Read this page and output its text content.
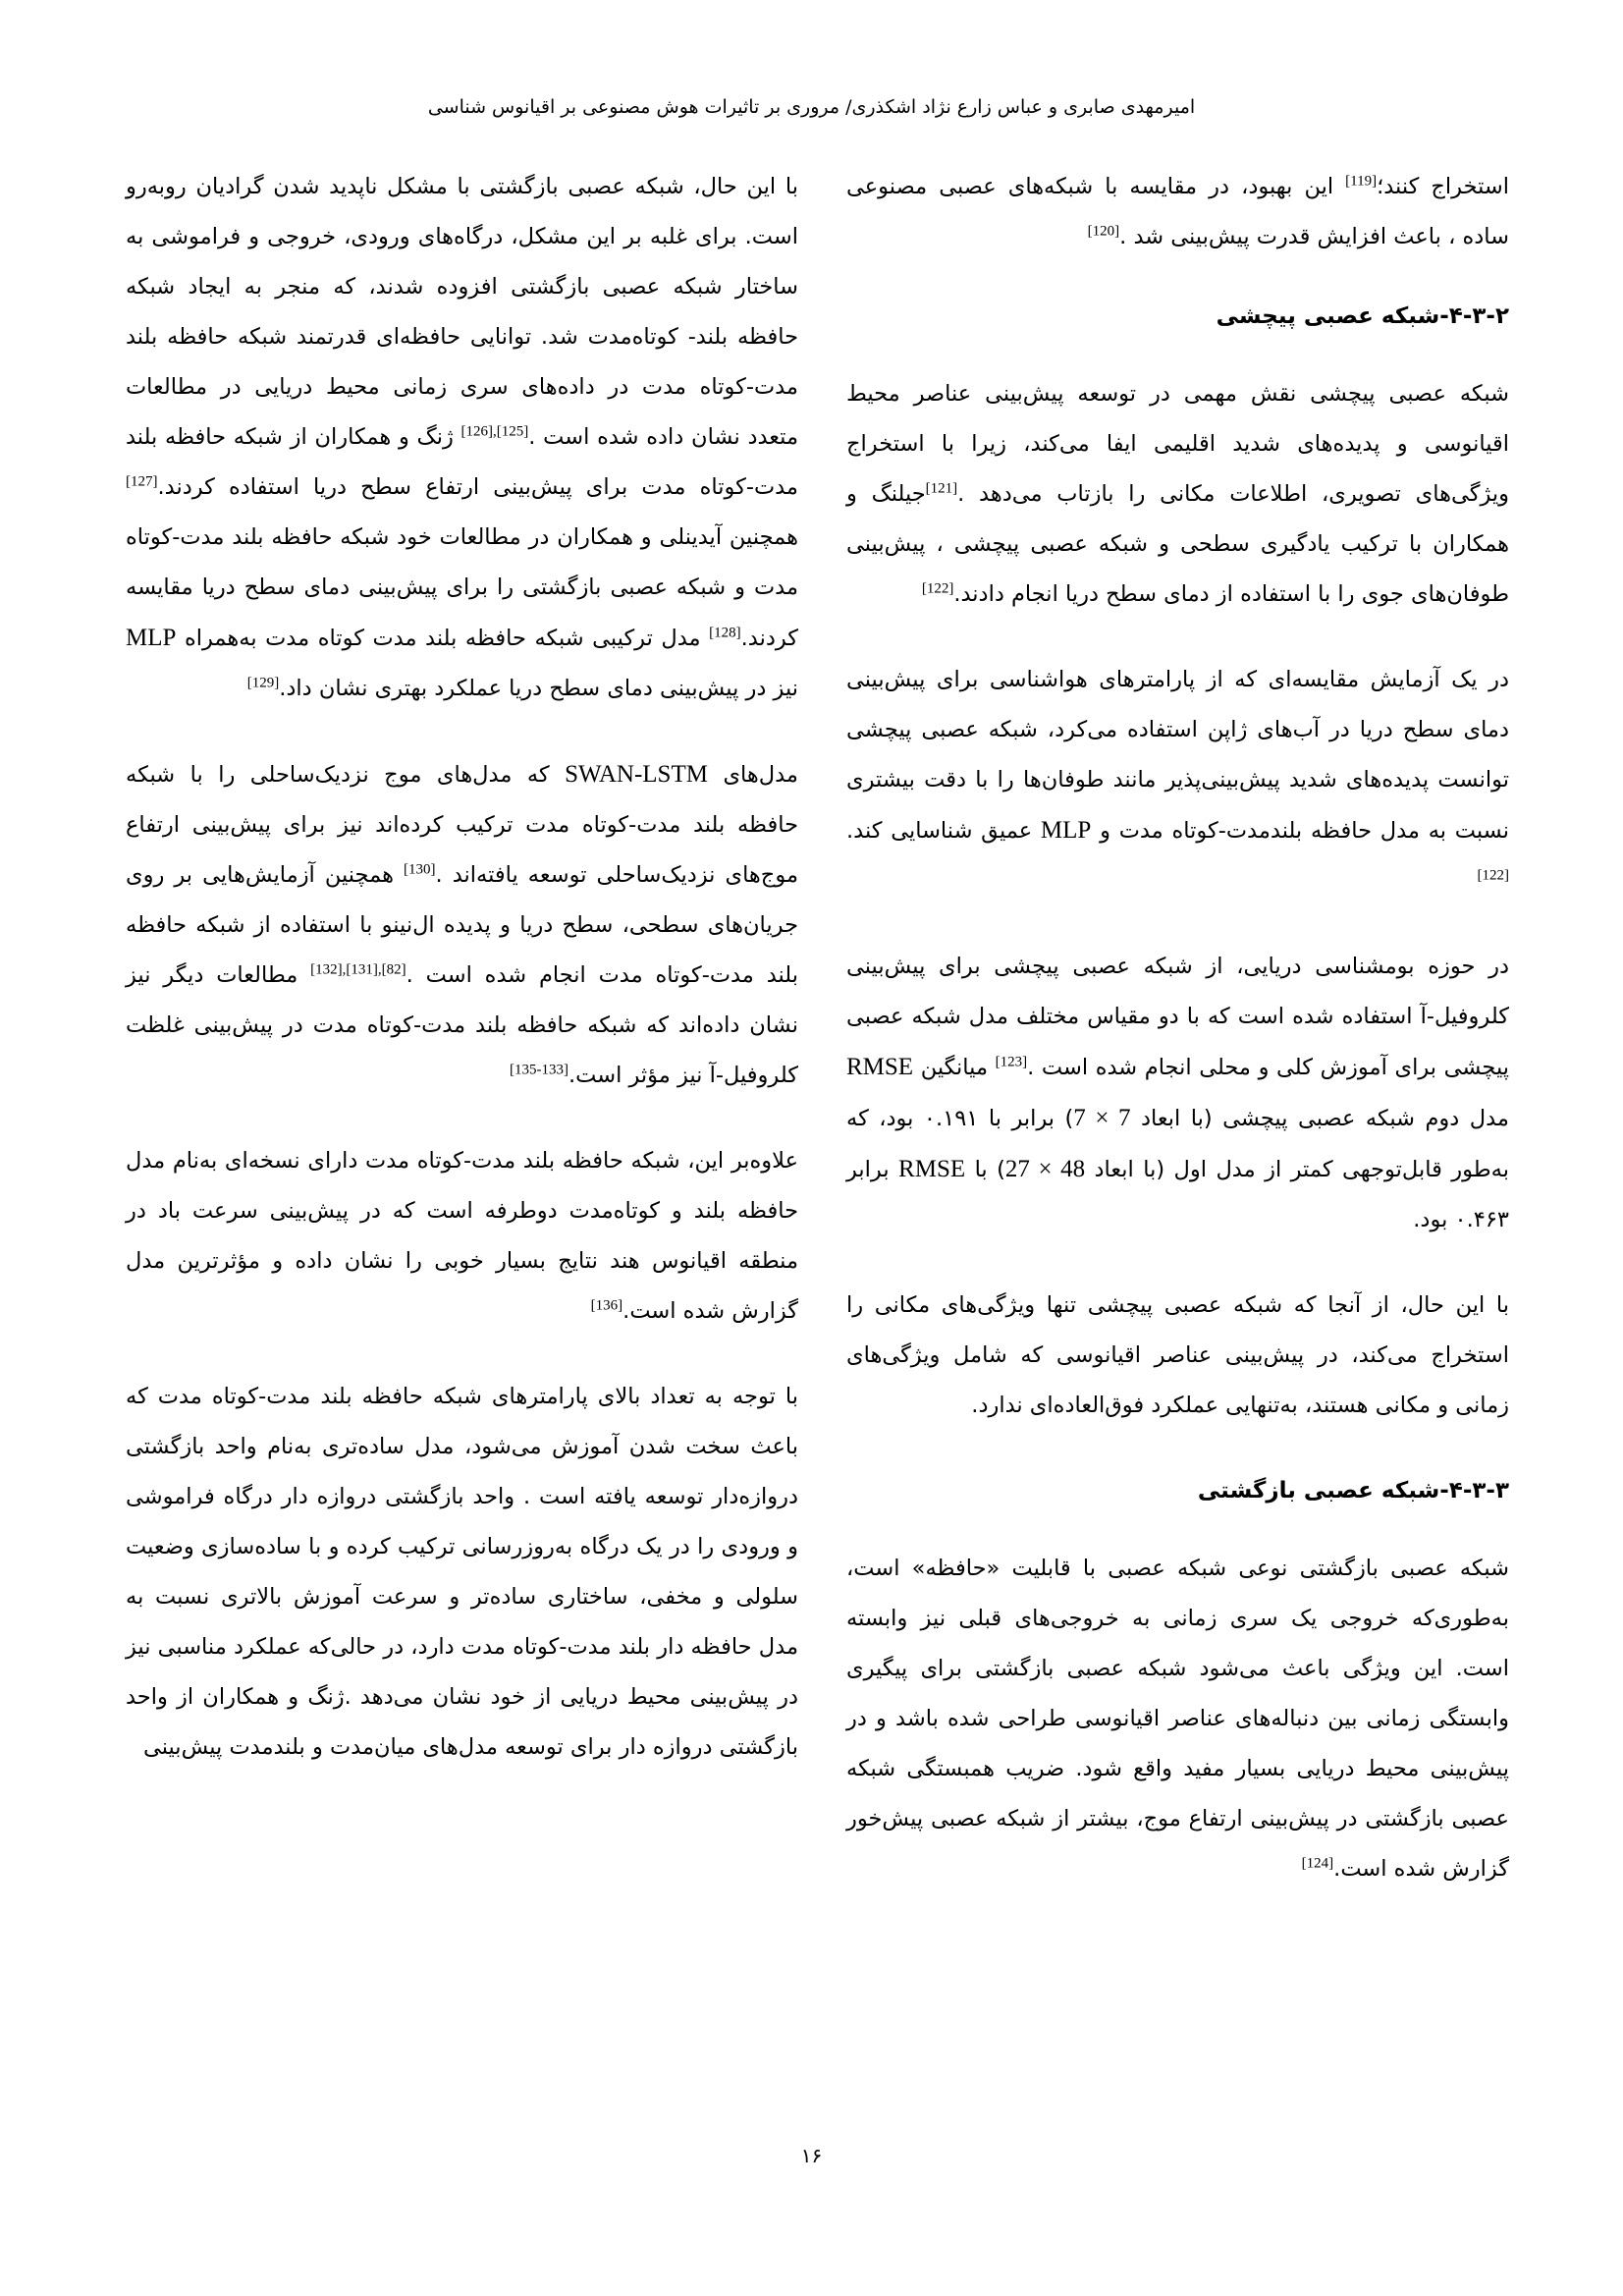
امیرمهدی صابری و عباس زارع نژاد اشکذری/ مروری بر تاثیرات هوش مصنوعی بر اقیانوس شناسی

استخراج کنند؛[119] این بهبود، در مقایسه با شبکه‌های عصبی مصنوعی ساده ، باعث افزایش قدرت پیش‌بینی شد .[120]

۴-۳-۲-شبکه عصبی پیچشی

شبکه عصبی پیچشی نقش مهمی در توسعه پیش‌بینی عناصر محیط اقیانوسی و پدیده‌های شدید اقلیمی ایفا می‌کند، زیرا با استخراج ویژگی‌های تصویری، اطلاعات مکانی را بازتاب می‌دهد .[121]جیلنگ و همکاران با ترکیب یادگیری سطحی و شبکه عصبی پیچشی ، پیش‌بینی طوفان‌های جوی را با استفاده از دمای سطح دریا انجام دادند.[122]

در یک آزمایش مقایسه‌ای که از پارامترهای هواشناسی برای پیش‌بینی دمای سطح دریا در آب‌های ژاپن استفاده می‌کرد، شبکه عصبی پیچشی توانست پدیده‌های شدید پیش‌بینی‌پذیر مانند طوفان‌ها را با دقت بیشتری نسبت به مدل حافظه بلندمدت-کوتاه مدت و MLP عمیق شناسایی کند.[122]

در حوزه بومشناسی دریایی، از شبکه عصبی پیچشی برای پیش‌بینی کلروفیل-آ استفاده شده است که با دو مقیاس مختلف مدل شبکه عصبی پیچشی برای آموزش کلی و محلی انجام شده است .[123] میانگین RMSE مدل دوم شبکه عصبی پیچشی (با ابعاد 7 × 7) برابر با ۰.۱۹۱ بود، که به‌طور قابل‌توجهی کمتر از مدل اول (با ابعاد 27 × 48) با RMSE برابر ۰.۴۶۳ بود.

با این حال، از آنجا که شبکه عصبی پیچشی تنها ویژگی‌های مکانی را استخراج می‌کند، در پیش‌بینی عناصر اقیانوسی که شامل ویژگی‌های زمانی و مکانی هستند، به‌تنهایی عملکرد فوق‌العاده‌ای ندارد.

۴-۳-۳-شبکه عصبی بازگشتی

شبکه عصبی بازگشتی نوعی شبکه عصبی با قابلیت «حافظه» است، به‌طوری‌که خروجی یک سری زمانی به خروجی‌های قبلی نیز وابسته است. این ویژگی باعث می‌شود شبکه عصبی بازگشتی برای پیگیری وابستگی زمانی بین دنباله‌های عناصر اقیانوسی طراحی شده باشد و در پیش‌بینی محیط دریایی بسیار مفید واقع شود. ضریب همبستگی شبکه عصبی بازگشتی در پیش‌بینی ارتفاع موج، بیشتر از شبکه عصبی پیش‌خور گزارش شده است.[124]

با این حال، شبکه عصبی بازگشتی با مشکل ناپدید شدن گرادیان روبه‌رو است. برای غلبه بر این مشکل، درگاه‌های ورودی، خروجی و فراموشی به ساختار شبکه عصبی بازگشتی افزوده شدند، که منجر به ایجاد شبکه حافظه بلند- کوتاه‌مدت شد. توانایی حافظه‌ای قدرتمند شبکه حافظه بلند مدت-کوتاه مدت در داده‌های سری زمانی محیط دریایی در مطالعات متعدد نشان داده شده است .[125],[126] ژنگ و همکاران از شبکه حافظه بلند مدت-کوتاه مدت برای پیش‌بینی ارتفاع سطح دریا استفاده کردند.[127] همچنین آیدینلی و همکاران در مطالعات خود شبکه حافظه بلند مدت-کوتاه مدت و شبکه عصبی بازگشتی را برای پیش‌بینی دمای سطح دریا مقایسه کردند.[128] مدل ترکیبی شبکه حافظه بلند مدت کوتاه مدت به‌همراه MLP نیز در پیش‌بینی دمای سطح دریا عملکرد بهتری نشان داد.[129]

مدل‌های SWAN-LSTM که مدل‌های موج نزدیک‌ساحلی را با شبکه حافظه بلند مدت-کوتاه مدت ترکیب کرده‌اند نیز برای پیش‌بینی ارتفاع موج‌های نزدیک‌ساحلی توسعه یافته‌اند .[130] همچنین آزمایش‌هایی بر روی جریان‌های سطحی، سطح دریا و پدیده ال‌نینو با استفاده از شبکه حافظه بلند مدت-کوتاه مدت انجام شده است .[82],[131],[132] مطالعات دیگر نیز نشان داده‌اند که شبکه حافظه بلند مدت-کوتاه مدت در پیش‌بینی غلظت کلروفیل-آ نیز مؤثر است.[133-135]

علاوه‌بر این، شبکه حافظه بلند مدت-کوتاه مدت دارای نسخه‌ای به‌نام مدل حافظه بلند و کوتاه‌مدت دوطرفه است که در پیش‌بینی سرعت باد در منطقه اقیانوس هند نتایج بسیار خوبی را نشان داده و مؤثرترین مدل گزارش شده است.[136]

با توجه به تعداد بالای پارامترهای شبکه حافظه بلند مدت-کوتاه مدت که باعث سخت شدن آموزش می‌شود، مدل ساده‌تری به‌نام واحد بازگشتی دروازه‌دار توسعه یافته است . واحد بازگشتی دروازه دار درگاه فراموشی و ورودی را در یک درگاه به‌روزرسانی ترکیب کرده و با ساده‌سازی وضعیت سلولی و مخفی، ساختاری ساده‌تر و سرعت آموزش بالاتری نسبت به مدل حافظه دار بلند مدت-کوتاه مدت دارد، در حالی‌که عملکرد مناسبی نیز در پیش‌بینی محیط دریایی از خود نشان می‌دهد .ژنگ و همکاران از واحد بازگشتی دروازه دار برای توسعه مدل‌های میان‌مدت و بلندمدت پیش‌بینی

۱۶
